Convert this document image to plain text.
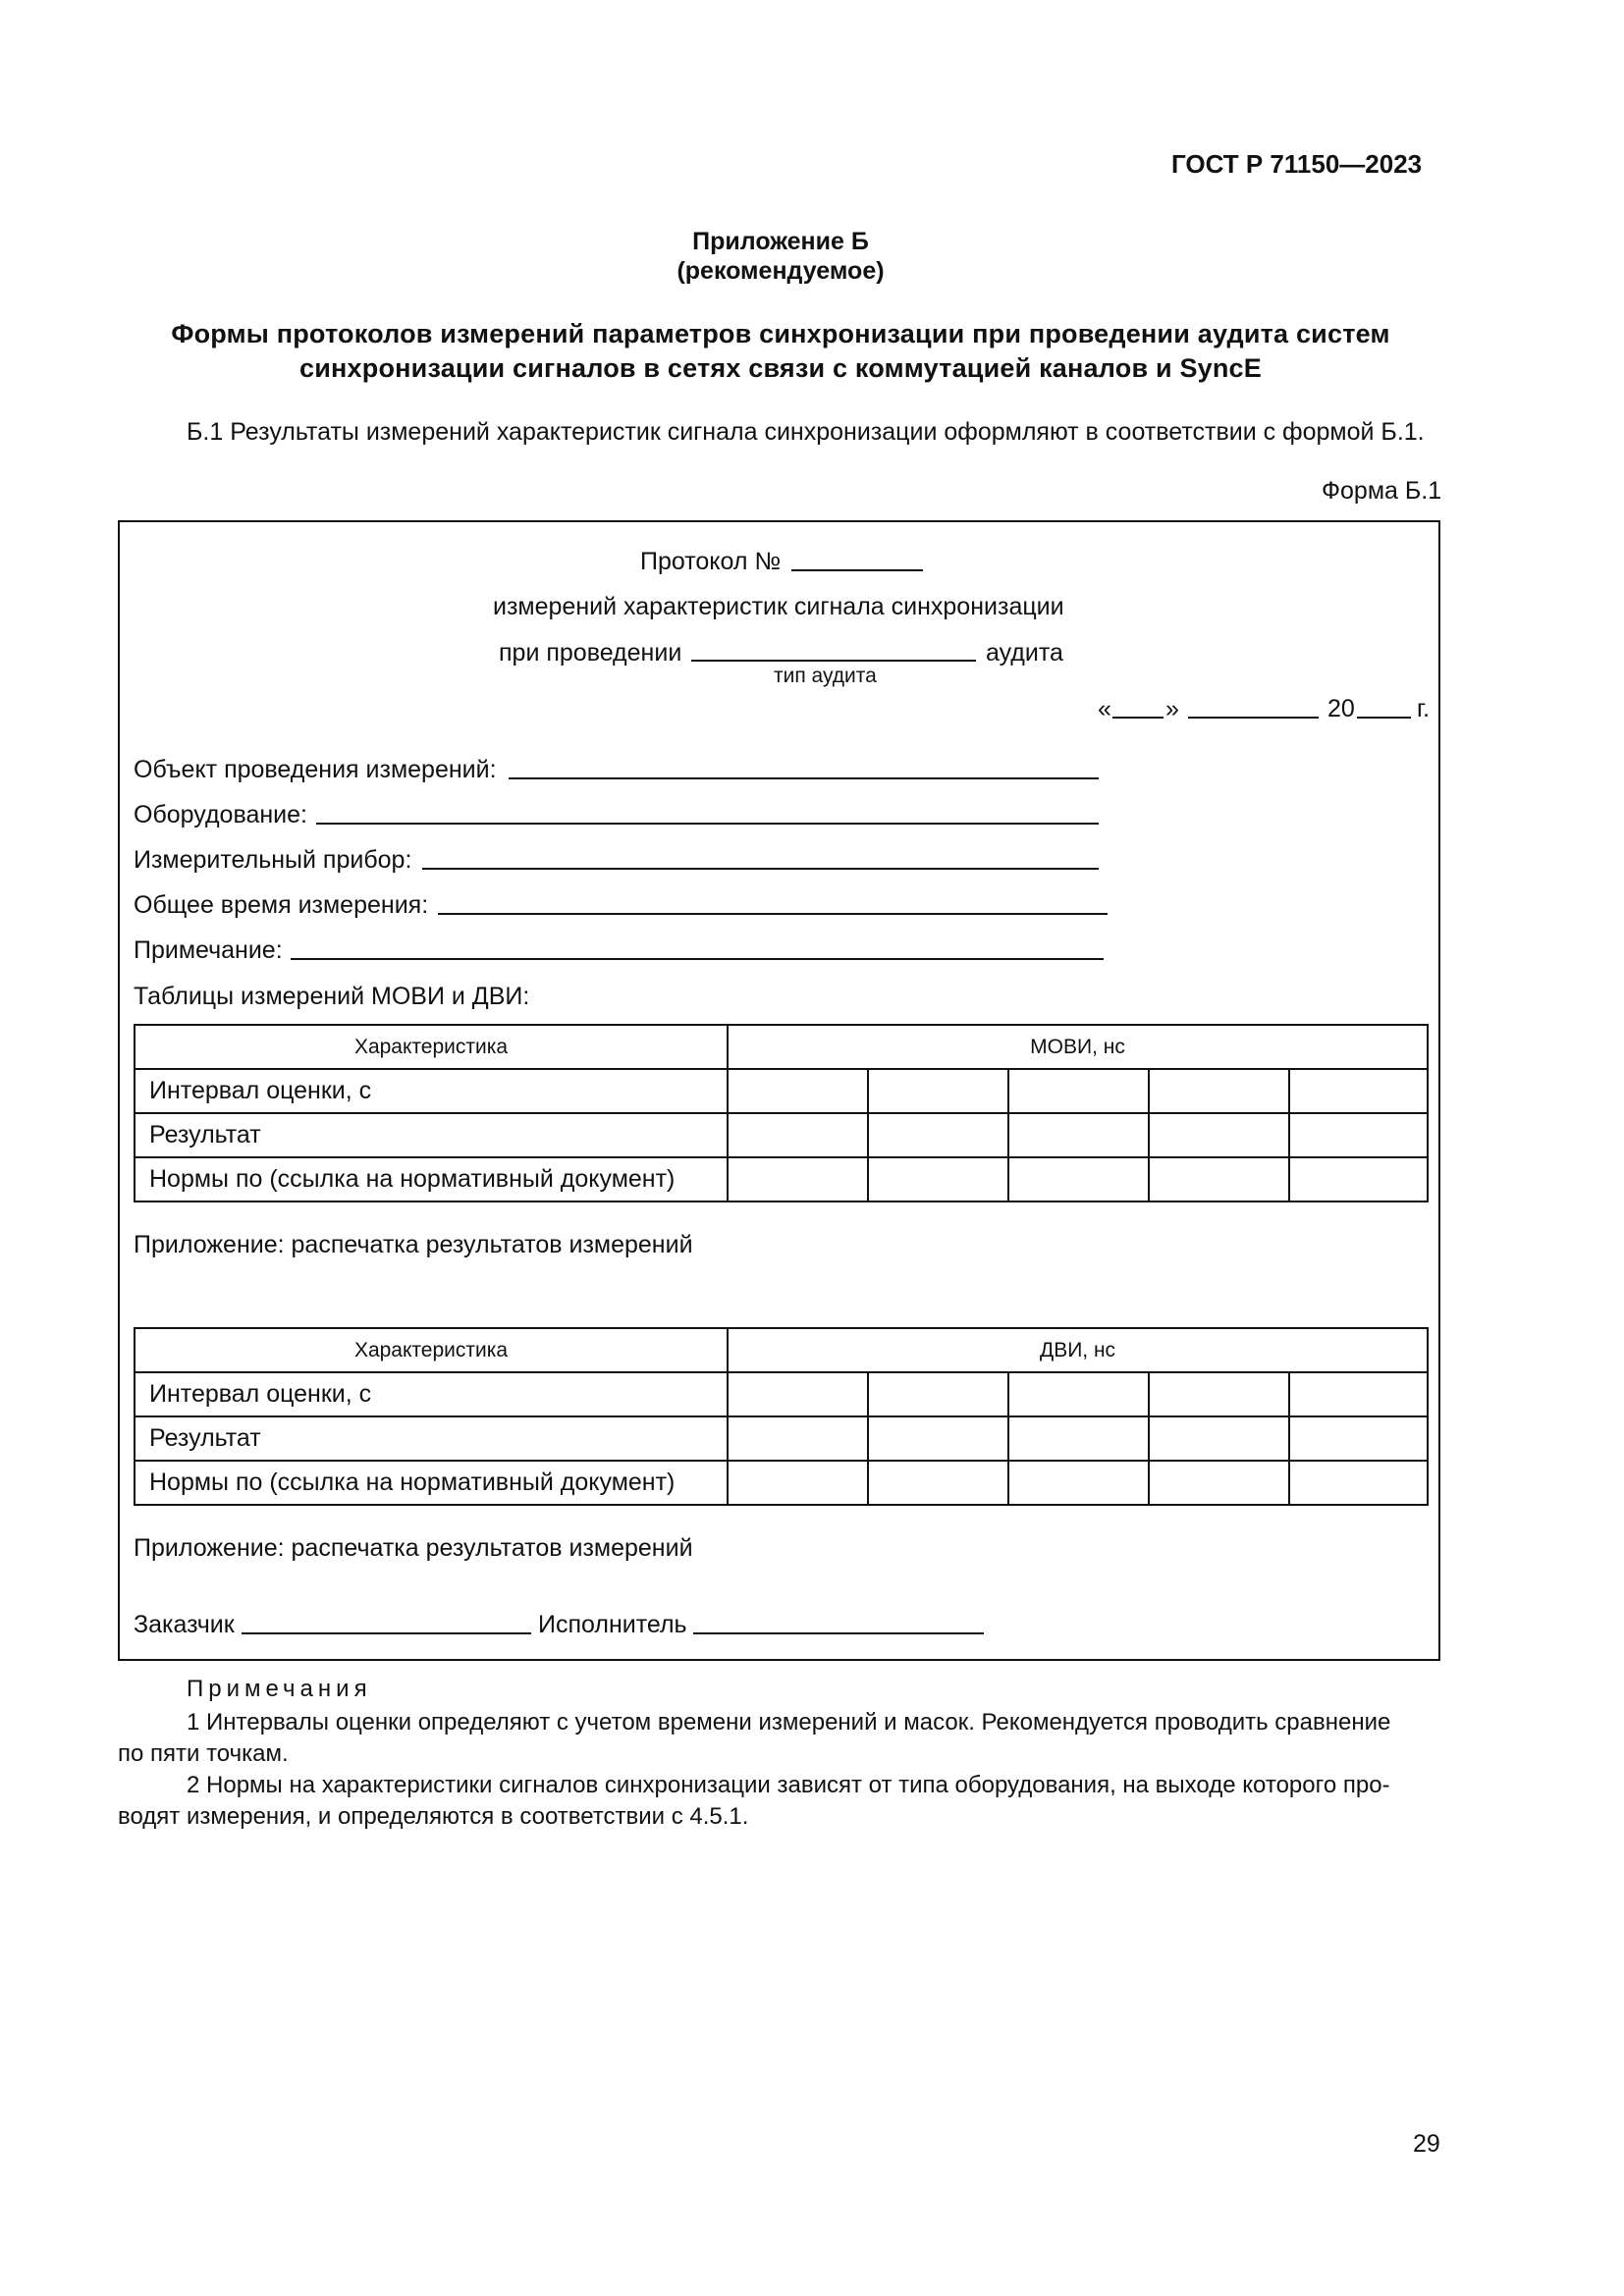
ГОСТ Р 71150—2023
Приложение Б
(рекомендуемое)
Формы протоколов измерений параметров синхронизации при проведении аудита систем
синхронизации сигналов в сетях связи с коммутацией каналов и SyncE
Б.1 Результаты измерений характеристик сигнала синхронизации оформляют в соответствии с формой Б.1.
Форма Б.1
Протокол №
измерений характеристик сигнала синхронизации
при проведении	аудита
тип аудита
« »	20	г.
Объект проведения измерений:
Оборудование:
Измерительный прибор:
Общее время измерения:
Примечание:
Таблицы измерений МОВИ и ДВИ:
Характеристика	МОВИ, нс				
Интервал оценки, с					
Результат					
Нормы по (ссылка на нормативный документ)					
Приложение: распечатка результатов измерений
Характеристика	ДВИ, нс				
Интервал оценки, с					
Результат					
Нормы по (ссылка на нормативный документ)					
Приложение: распечатка результатов измерений
Заказчик	Исполнитель
Примечания
1 Интервалы оценки определяют с учетом времени измерений и масок. Рекомендуется проводить сравнение
по пяти точкам.
2 Нормы на характеристики сигналов синхронизации зависят от типа оборудования, на выходе которого про-
водят измерения, и определяются в соответствии с 4.5.1.
29
